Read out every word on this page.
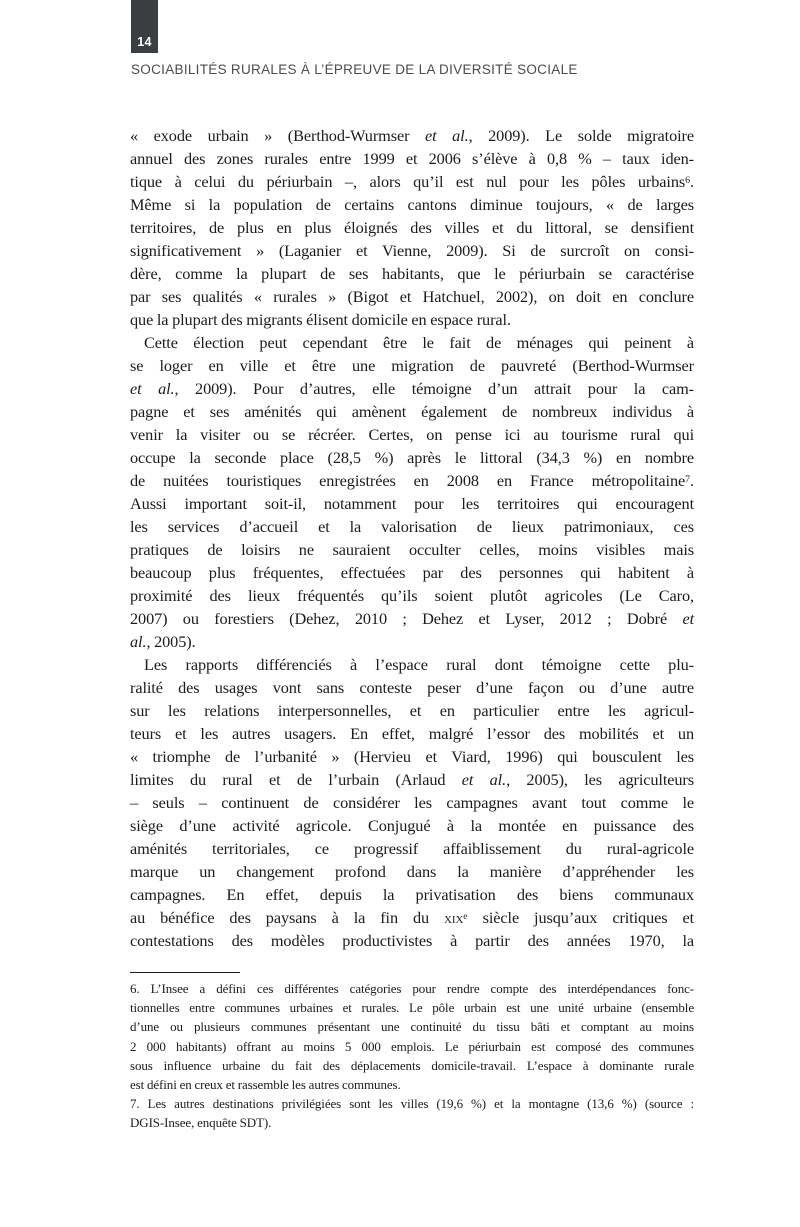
14
SOCIABILITÉS RURALES À L’ÉPREUVE DE LA DIVERSITÉ SOCIALE
« exode urbain » (Berthod-Wurmser et al., 2009). Le solde migratoire
annuel des zones rurales entre 1999 et 2006 s’élève à 0,8 % – taux iden-
tique à celui du périurbain –, alors qu’il est nul pour les pôles urbains$^6$.
Même si la population de certains cantons diminue toujours, « de larges
territoires, de plus en plus éloignés des villes et du littoral, se densifient
significativement » (Laganier et Vienne, 2009). Si de surcroît on consi-
dère, comme la plupart de ses habitants, que le périurbain se caractérise
par ses qualités « rurales » (Bigot et Hatchuel, 2002), on doit en conclure
que la plupart des migrants élisent domicile en espace rural.
Cette élection peut cependant être le fait de ménages qui peinent à
se loger en ville et être une migration de pauvreté (Berthod-Wurmser
et al., 2009). Pour d’autres, elle témoigne d’un attrait pour la cam-
pagne et ses aménités qui amènent également de nombreux individus à
venir la visiter ou se récréer. Certes, on pense ici au tourisme rural qui
occupe la seconde place (28,5 %) après le littoral (34,3 %) en nombre
de nuitées touristiques enregistrées en 2008 en France métropolitaine$^7$.
Aussi important soit-il, notamment pour les territoires qui encouragent
les services d’accueil et la valorisation de lieux patrimoniaux, ces
pratiques de loisirs ne sauraient occulter celles, moins visibles mais
beaucoup plus fréquentes, effectuées par des personnes qui habitent à
proximité des lieux fréquentés qu’ils soient plutôt agricoles (Le Caro,
2007) ou forestiers (Dehez, 2010 ; Dehez et Lyser, 2012 ; Dobré et
al., 2005).
Les rapports différenciés à l’espace rural dont témoigne cette plu-
ralité des usages vont sans conteste peser d’une façon ou d’une autre
sur les relations interpersonnelles, et en particulier entre les agricul-
teurs et les autres usagers. En effet, malgré l’essor des mobilités et un
« triomphe de l’urbanité » (Hervieu et Viard, 1996) qui bousculent les
limites du rural et de l’urbain (Arlaud et al., 2005), les agriculteurs
– seuls – continuent de considérer les campagnes avant tout comme le
siège d’une activité agricole. Conjugué à la montée en puissance des
aménités territoriales, ce progressif affaiblissement du rural-agricole
marque un changement profond dans la manière d’appréhender les
campagnes. En effet, depuis la privatisation des biens communaux
au bénéfice des paysans à la fin du xix$^e$ siècle jusqu’aux critiques et
contestations des modèles productivistes à partir des années 1970, la
6. L’Insee a défini ces différentes catégories pour rendre compte des interdépendances fonc-
tionnelles entre communes urbaines et rurales. Le pôle urbain est une unité urbaine (ensemble
d’une ou plusieurs communes présentant une continuité du tissu bâti et comptant au moins
2 000 habitants) offrant au moins 5 000 emplois. Le périurbain est composé des communes
sous influence urbaine du fait des déplacements domicile-travail. L’espace à dominante rurale
est défini en creux et rassemble les autres communes.
7. Les autres destinations privilégiées sont les villes (19,6 %) et la montagne (13,6 %) (source :
DGIS-Insee, enquête SDT).
